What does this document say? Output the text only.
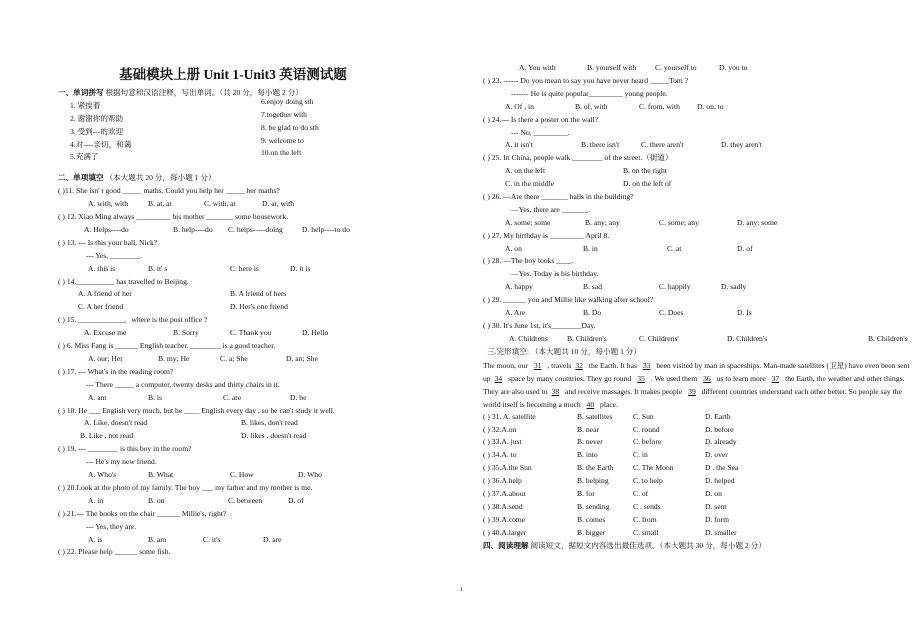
基础模块上册 Unit 1-Unit3 英语测试题
一、单词拼写 根据句意和汉语注释，写出单词。（共 20 分，每小题 2 分）
1. 紧挨着	6.enjoy doing sth
2. 谢谢你的帮助	7.together with
3. 受到---的欢迎	8. be glad to do sth
4.对----亲切，和蔼	9. welcome to
5.充满了	10.on the left
二、单项填空 （本大题共 20 分，每小题 1 分）
( )11. She isn' t good _____ maths. Could you help her _____ her maths?
A. with, with	B. at, at	C. with, at	D. at, with
( ) 12. Xiao Ming always _________ his mother _______ some housework.
A. Helps----do	B. help----do C. helps-----doing	D. help----to do
( ) 13. --- Is this your ball, Nick?
--- Yes, ________.
A. this is	B. it' s	C. here is	D. it is
( ) 14.__________ has travelled to Beijing.
A. A friend of her	B. A friend of hers
C. A her friend	D. Her's one friend
( ) 15. ____________，where is the post office ?
A. Excuse me	B. Sorry	C. Thank you	D. Hello
( ) 6. Miss Fang is ______ English teacher. ________ is a good teacher.
A. our; Her	B. my; He	C. a; She	D. an; She
( ) 17. --- What's in the reading room?
--- There _____ a computer, twenty desks and thirty chairs in it.
A. am	B. is	C. are	D. be
( ) 18. He ___ English very much, but he ____ English every day , so he can't study it well.
A. Like, doesn't read	B. likes, don't read
B. Like , not read	D. likes , doesn't read
( ) 19. --- ________ is this boy in the room?
--- He's my new friend.
A. Who's	B. What	C. How	D. Who
( ) 20.Look at the photo of my family. The boy ___ my father and my mother is me.
A. in	B. on	C. between	D. of
( ) 21.--- The books on the chair ______ Millie's, right?
--- Yes, they are.
A. is	B. am	C. it's	D. are
( ) 22. Please help ______ some fish.
A. You with	B. yourself with C. yourself to	D. you to
( ) 23. ------ Do you mean to say you have never heard _____Tom ?
------- He is quite popular_________ young people.
A. Of , in	B. of, with	C. from, with D. on, to
( ) 24.--- Is there a poster on the wall?
--- No, _________.
A. it isn't	B. there isn't	C. there aren't	D. they aren't
( ) 25. In China, people walk ________ of the street.（街道）
A. on the left	B. on the right
C. in the middle	D. on the left of
( ) 26. —Are there _______ halls in the building?
—Yes, there are _______.
A. some; some	B. any; any	C. some; any	D. any; some
( ) 27. My birthday is _________ April 8.
A. on	B. in	C. at	D. of
( ) 28. —The boy looks ____.
—Yes. Today is his birthday.
A. happy	B. sad	C. happily	D. sadly
( ) 29. ______ you and Millie like walking after school?
A. Are	B. Do	C. Does	D. Is
( ) 30. It's June 1st, it's________Day.
A. Childrens	B. Children's	C. Childrens'	D. Children's	B. Children's
三.完形填空: （本大题共 10 分，每小题 1 分）
The moon, our 31 , travels 32 the Earth. It has 33 been visited by man in spaceships. Man-made satellites (卫星) have even been sent up 34 space by many countries. They go round 35 . We used them 36 us to learn more 37 the Earth, the weather and other things. They are also used to 38 and receive massages. It makes people 39 different countries understand each other better. So people say the world itself is becoming a much 40 place.
( ) 31. A. satellite	B. satellites	C. Sun	D. Earth
( ) 32.A.on	B. near	C. round	D. before
( ) 33.A. just	B. never	C. before	D. already
( ) 34.A. to	B. into	C. in	D. over
( ) 35.A.the Sun	B. the Earth	C. The Moon	D . the Sea
( ) 36.A.help	B. helping	C. to help	D. helped
( ) 37.A.about	B. for	C. of	D. on
( ) 38.A.send	B. sending	C . sends	D. sent
( ) 39.A.come	B. comes	C. from	D. form
( ) 40.A.larger	B. bigger	C. small	D. smaller
四、阅读理解 阅读短文，据短文内容选出最佳选项。（本大题共 30 分，每小题 2 分）
1
